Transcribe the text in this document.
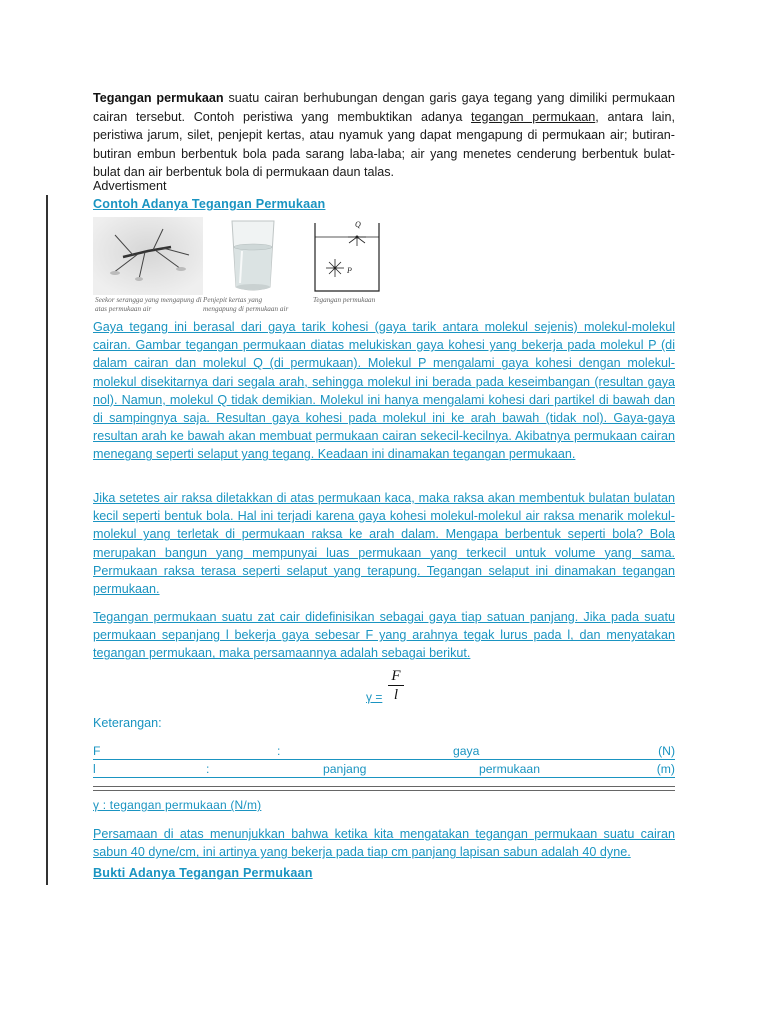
Tegangan permukaan suatu cairan berhubungan dengan garis gaya tegang yang dimiliki permukaan cairan tersebut. Contoh peristiwa yang membuktikan adanya tegangan permukaan, antara lain, peristiwa jarum, silet, penjepit kertas, atau nyamuk yang dapat mengapung di permukaan air; butiran-butiran embun berbentuk bola pada sarang laba-laba; air yang menetes cenderung berbentuk bulat-bulat dan air berbentuk bola di permukaan daun talas.

Advertisment
Contoh Adanya Tegangan Permukaan
Q
P
Seekor serangga yang mengapung di atas permukaan air
Penjepit kertas yang mengapung di permukaan air
Tegangan permukaan

Gaya tegang ini berasal dari gaya tarik kohesi (gaya tarik antara molekul sejenis) molekul-molekul cairan. Gambar tegangan permukaan diatas melukiskan gaya kohesi yang bekerja pada molekul P (di dalam cairan dan molekul Q (di permukaan). Molekul P mengalami gaya kohesi dengan molekul-molekul disekitarnya dari segala arah, sehingga molekul ini berada pada keseimbangan (resultan gaya nol). Namun, molekul Q tidak demikian. Molekul ini hanya mengalami kohesi dari partikel di bawah dan di sampingnya saja. Resultan gaya kohesi pada molekul ini ke arah bawah (tidak nol). Gaya-gaya resultan arah ke bawah akan membuat permukaan cairan sekecil-kecilnya. Akibatnya permukaan cairan menegang seperti selaput yang tegang. Keadaan ini dinamakan tegangan permukaan.

Jika setetes air raksa diletakkan di atas permukaan kaca, maka raksa akan membentuk bulatan bulatan kecil seperti bentuk bola. Hal ini terjadi karena gaya kohesi molekul-molekul air raksa menarik molekul-molekul yang terletak di permukaan raksa ke arah dalam. Mengapa berbentuk seperti bola? Bola merupakan bangun yang mempunyai luas permukaan yang terkecil untuk volume yang sama. Permukaan raksa terasa seperti selaput yang terapung. Tegangan selaput ini dinamakan tegangan permukaan.

Tegangan permukaan suatu zat cair didefinisikan sebagai gaya tiap satuan panjang. Jika pada suatu permukaan sepanjang l bekerja gaya sebesar F yang arahnya tegak lurus pada l, dan menyatakan tegangan permukaan, maka persamaannya adalah sebagai berikut.

γ =
F
l
Keterangan:
F	:	gaya	(N)
l	:	panjang	permukaan	(m)
γ : tegangan permukaan (N/m)

Persamaan di atas menunjukkan bahwa ketika kita mengatakan tegangan permukaan suatu cairan sabun 40 dyne/cm, ini artinya yang bekerja pada tiap cm panjang lapisan sabun adalah 40 dyne.

Bukti Adanya Tegangan Permukaan
